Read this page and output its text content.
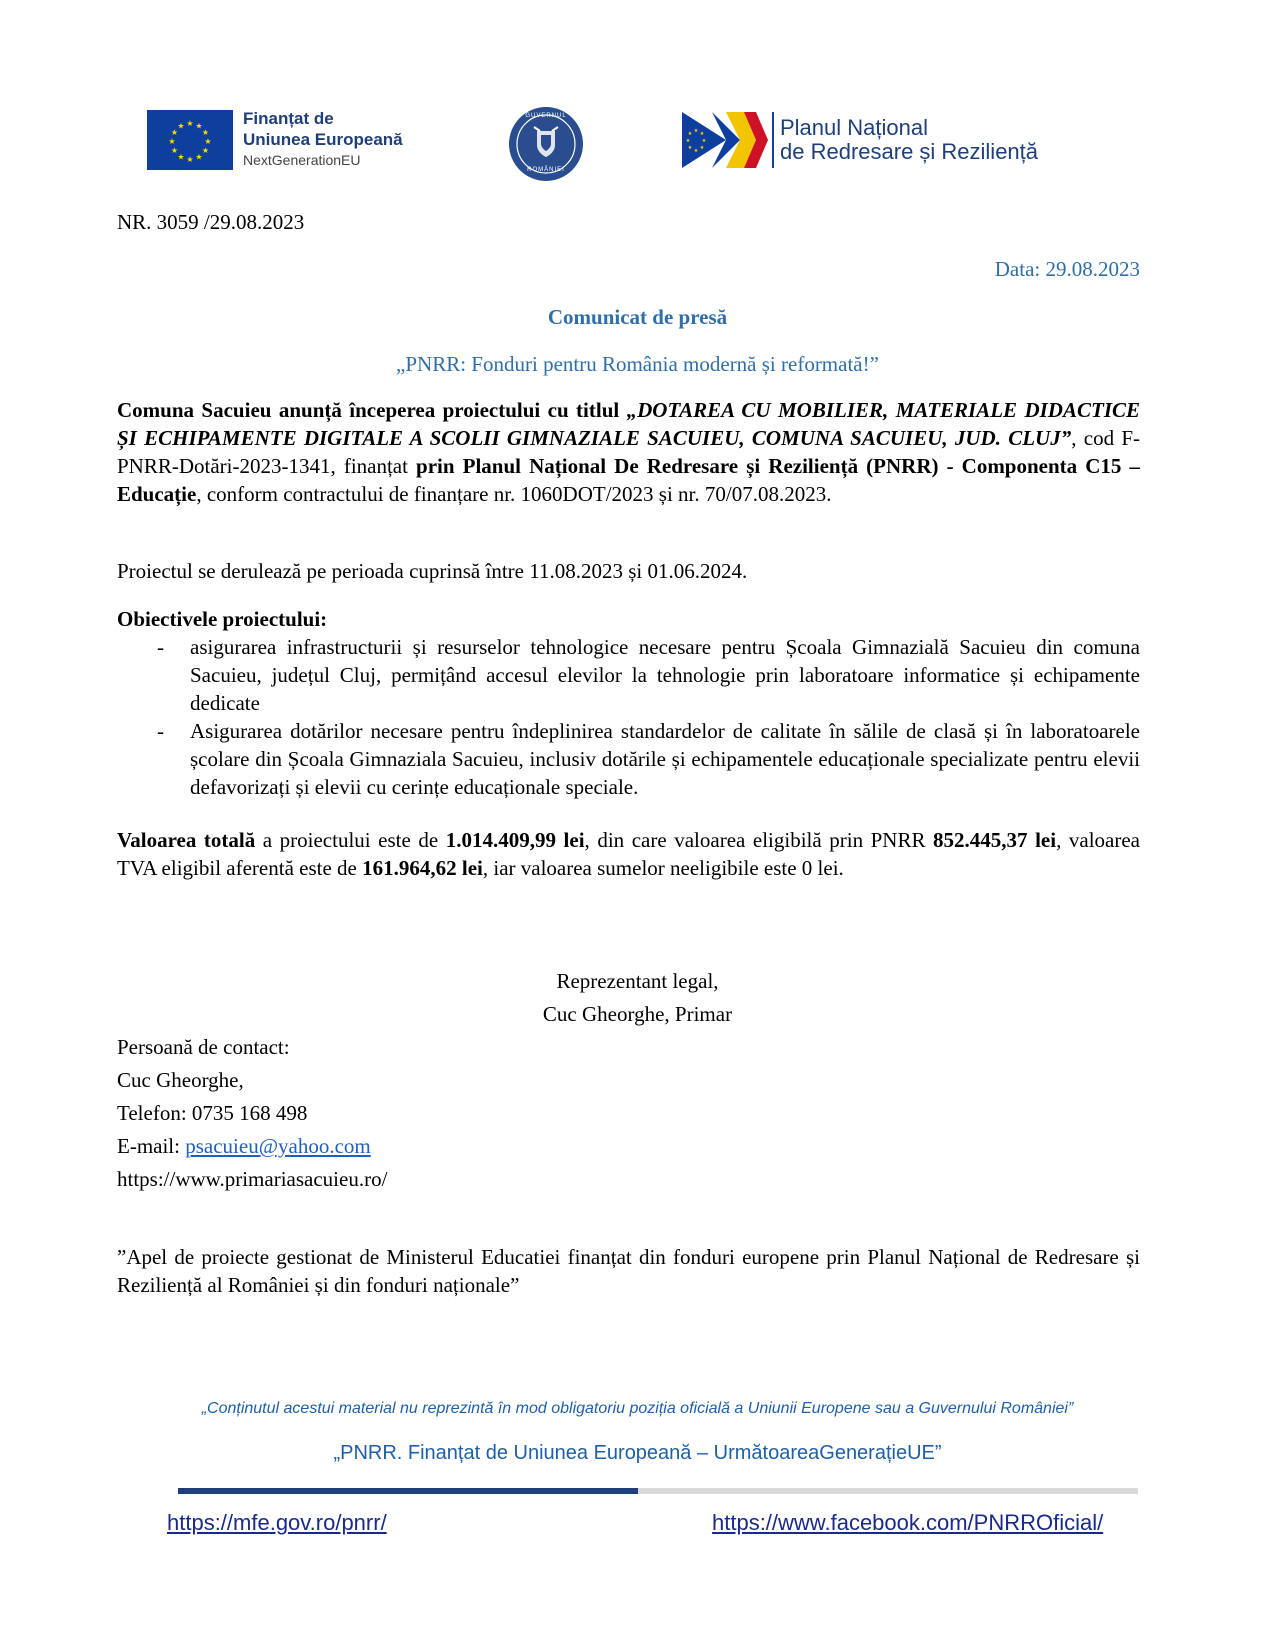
★ ★
★
★
★
★
★
★
★
★
★
★	Finanțat de
Uniunea Europeană
NextGenerationEU
GUVERNUL
ROMÂNIEI
★ ★
★
★
★
★
★
★	Planul Național
de Redresare și Reziliență
NR. 3059 /29.08.2023
Data: 29.08.2023
Comunicat de presă
„PNRR: Fonduri pentru România modernă și reformată!”
Comuna Sacuieu anunță începerea proiectului cu titlul „DOTAREA CU MOBILIER, MATERIALE DIDACTICE ȘI ECHIPAMENTE DIGITALE A SCOLII GIMNAZIALE SACUIEU, COMUNA SACUIEU, JUD. CLUJ”, cod F-PNRR-Dotări-2023-1341, finanțat prin Planul Național De Redresare și Reziliență (PNRR) - Componenta C15 – Educație, conform contractului de finanțare nr. 1060DOT/2023 și nr. 70/07.08.2023.
Proiectul se derulează pe perioada cuprinsă între 11.08.2023 și 01.06.2024.
Obiectivele proiectului:
- asigurarea infrastructurii și resurselor tehnologice necesare pentru Școala Gimnazială Sacuieu din comuna Sacuieu, județul Cluj, permițând accesul elevilor la tehnologie prin laboratoare informatice și echipamente dedicate
- Asigurarea dotărilor necesare pentru îndeplinirea standardelor de calitate în sălile de clasă și în laboratoarele școlare din Școala Gimnaziala Sacuieu, inclusiv dotările și echipamentele educaționale specializate pentru elevii defavorizați și elevii cu cerințe educaționale speciale.
Valoarea totală a proiectului este de 1.014.409,99 lei, din care valoarea eligibilă prin PNRR 852.445,37 lei, valoarea TVA eligibil aferentă este de 161.964,62 lei, iar valoarea sumelor neeligibile este 0 lei.
Reprezentant legal,
Cuc Gheorghe, Primar
Persoană de contact:
Cuc Gheorghe,
Telefon: 0735 168 498
E-mail: psacuieu@yahoo.com
https://www.primariasacuieu.ro/
”Apel de proiecte gestionat de Ministerul Educatiei finanțat din fonduri europene prin Planul Național de Redresare și Reziliență al României și din fonduri naționale”
„Conținutul acestui material nu reprezintă în mod obligatoriu poziția oficială a Uniunii Europene sau a Guvernului României”
„PNRR. Finanțat de Uniunea Europeană – UrmătoareaGenerațieUE”
https://mfe.gov.ro/pnrr/	https://www.facebook.com/PNRROficial/
